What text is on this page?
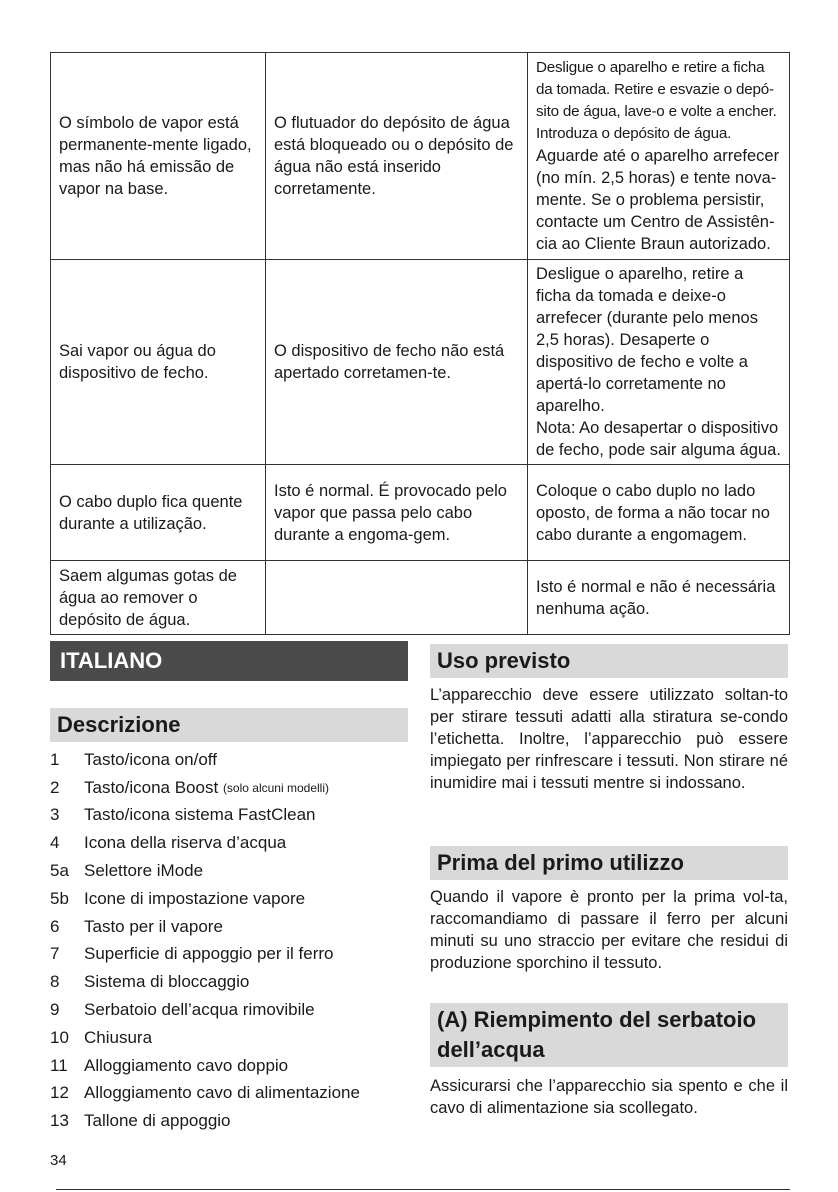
O símbolo de vapor está permanente-mente ligado, mas não há emissão de vapor na base.	O flutuador do depósito de água está bloqueado ou o depósito de água não está inserido corretamente.	Desligue o aparelho e retire a ficha da tomada. Retire e esvazie o depó-sito de água, lave-o e volte a encher. Introduza o depósito de água.
Aguarde até o aparelho arrefecer (no mín. 2,5 horas) e tente nova-mente. Se o problema persistir, contacte um Centro de Assistên-cia ao Cliente Braun autorizado.

Sai vapor ou água do dispositivo de fecho.	O dispositivo de fecho não está apertado corretamen-te.	Desligue o aparelho, retire a ficha da tomada e deixe-o arrefecer (durante pelo menos 2,5 horas). Desaperte o dispositivo de fecho e volte a apertá-lo corretamente no aparelho.
Nota: Ao desapertar o dispositivo de fecho, pode sair alguma água.

O cabo duplo fica quente durante a utilização.	Isto é normal. É provocado pelo vapor que passa pelo cabo durante a engoma-gem.	Coloque o cabo duplo no lado oposto, de forma a não tocar no cabo durante a engomagem.
Saem algumas gotas de água ao remover o depósito de água.		Isto é normal e não é necessária nenhuma ação.
ITALIANO
Descrizione
1	Tasto/icona on/off
2	Tasto/icona Boost
(solo alcuni modelli)
3	Tasto/icona sistema FastClean
4	Icona della riserva d’acqua
5a Selettore iMode
5b Icone di impostazione vapore
6	Tasto per il vapore
7	Superficie di appoggio per il ferro
8	Sistema di bloccaggio
9	Serbatoio dell’acqua rimovibile
10 Chiusura
11 Alloggiamento cavo doppio
12 Alloggiamento cavo di alimentazione
13 Tallone di appoggio
Uso previsto
L’apparecchio deve essere utilizzato soltan-to per stirare tessuti adatti alla stiratura se-condo l’etichetta. Inoltre, l’apparecchio può essere impiegato per rinfrescare i tessuti. Non stirare né inumidire mai i tessuti mentre si indossano.
Prima del primo utilizzo
Quando il vapore è pronto per la prima vol-ta, raccomandiamo di passare il ferro per alcuni minuti su uno straccio per evitare che residui di produzione sporchino il tessuto.
(A) Riempimento del serbatoio
dell’acqua
Assicurarsi che l’apparecchio sia spento e che il cavo di alimentazione sia scollegato.
34
